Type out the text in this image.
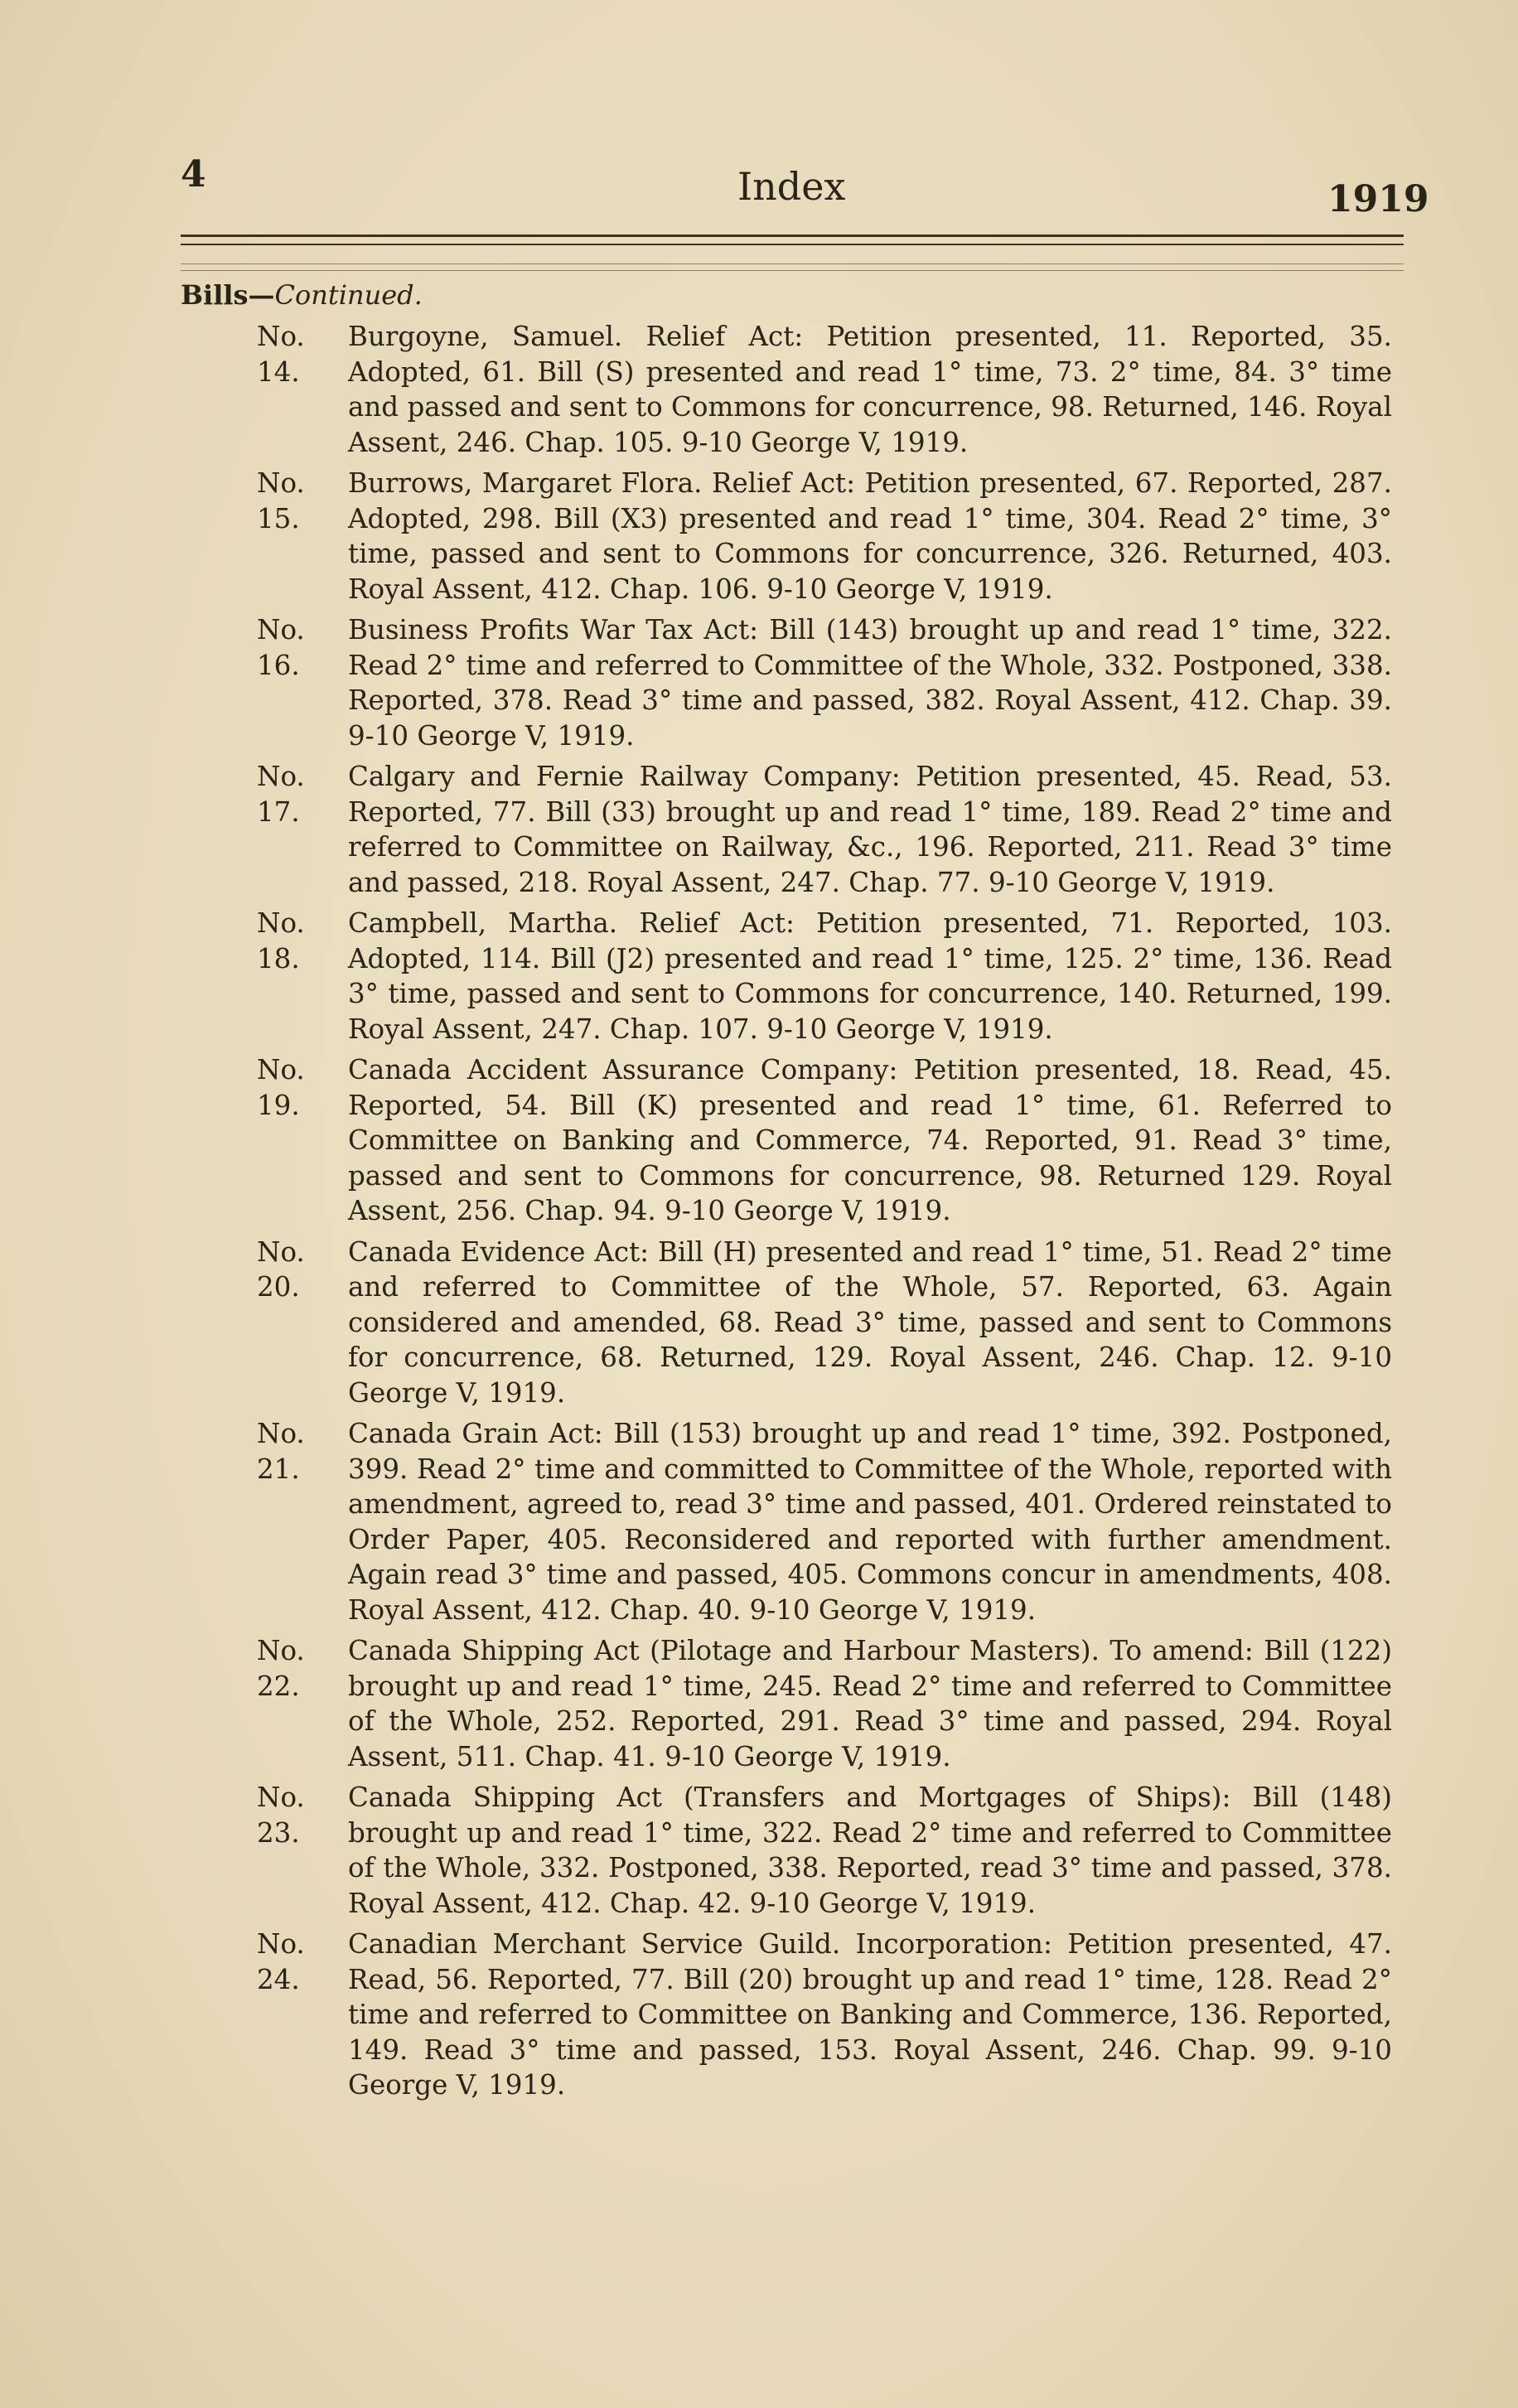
4	Index	1919
Bills—Continued.
No. 14.
Burgoyne, Samuel. Relief Act: Petition presented, 11. Reported, 35. Adopted, 61. Bill (S) presented and read 1° time, 73. 2° time, 84. 3° time and passed and sent to Commons for concurrence, 98. Returned, 146. Royal Assent, 246. Chap. 105. 9-10 George V, 1919.
No. 15.
Burrows, Margaret Flora. Relief Act: Petition presented, 67. Reported, 287. Adopted, 298. Bill (X3) presented and read 1° time, 304. Read 2° time, 3° time, passed and sent to Commons for concurrence, 326. Returned, 403. Royal Assent, 412. Chap. 106. 9-10 George V, 1919.
No. 16.
Business Profits War Tax Act: Bill (143) brought up and read 1° time, 322. Read 2° time and referred to Committee of the Whole, 332. Postponed, 338. Reported, 378. Read 3° time and passed, 382. Royal Assent, 412. Chap. 39. 9-10 George V, 1919.
No. 17.
Calgary and Fernie Railway Company: Petition presented, 45. Read, 53. Reported, 77. Bill (33) brought up and read 1° time, 189. Read 2° time and referred to Committee on Railway, &c., 196. Reported, 211. Read 3° time and passed, 218. Royal Assent, 247. Chap. 77. 9-10 George V, 1919.
No. 18.
Campbell, Martha. Relief Act: Petition presented, 71. Reported, 103. Adopted, 114. Bill (J2) presented and read 1° time, 125. 2° time, 136. Read 3° time, passed and sent to Commons for concurrence, 140. Returned, 199. Royal Assent, 247. Chap. 107. 9-10 George V, 1919.
No. 19.
Canada Accident Assurance Company: Petition presented, 18. Read, 45. Reported, 54. Bill (K) presented and read 1° time, 61. Referred to Committee on Banking and Commerce, 74. Reported, 91. Read 3° time, passed and sent to Commons for concurrence, 98. Returned 129. Royal Assent, 256. Chap. 94. 9-10 George V, 1919.
No. 20.
Canada Evidence Act: Bill (H) presented and read 1° time, 51. Read 2° time and referred to Committee of the Whole, 57. Reported, 63. Again considered and amended, 68. Read 3° time, passed and sent to Commons for concurrence, 68. Returned, 129. Royal Assent, 246. Chap. 12. 9-10 George V, 1919.
No. 21.
Canada Grain Act: Bill (153) brought up and read 1° time, 392. Postponed, 399. Read 2° time and committed to Committee of the Whole, reported with amendment, agreed to, read 3° time and passed, 401. Ordered reinstated to Order Paper, 405. Reconsidered and reported with further amendment. Again read 3° time and passed, 405. Commons concur in amendments, 408. Royal Assent, 412. Chap. 40. 9-10 George V, 1919.
No. 22.
Canada Shipping Act (Pilotage and Harbour Masters). To amend: Bill (122) brought up and read 1° time, 245. Read 2° time and referred to Committee of the Whole, 252. Reported, 291. Read 3° time and passed, 294. Royal Assent, 511. Chap. 41. 9-10 George V, 1919.
No. 23.
Canada Shipping Act (Transfers and Mortgages of Ships): Bill (148) brought up and read 1° time, 322. Read 2° time and referred to Committee of the Whole, 332. Postponed, 338. Reported, read 3° time and passed, 378. Royal Assent, 412. Chap. 42. 9-10 George V, 1919.
No. 24.
Canadian Merchant Service Guild. Incorporation: Petition presented, 47. Read, 56. Reported, 77. Bill (20) brought up and read 1° time, 128. Read 2° time and referred to Committee on Banking and Commerce, 136. Reported, 149. Read 3° time and passed, 153. Royal Assent, 246. Chap. 99. 9-10 George V, 1919.
